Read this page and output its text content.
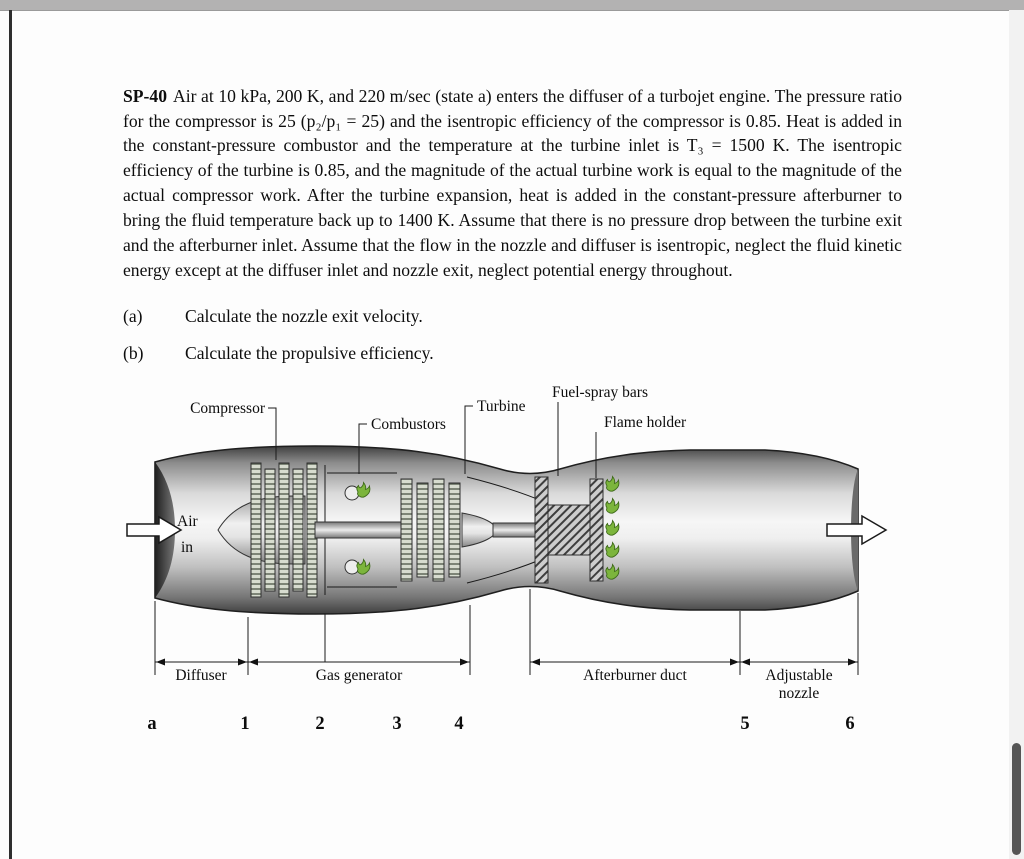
SP-40 Air at 10 kPa, 200 K, and 220 m/sec (state a) enters the diffuser of a turbojet engine. The pressure ratio for the compressor is 25 (p₂/p₁ = 25) and the isentropic efficiency of the compressor is 0.85. Heat is added in the constant-pressure combustor and the temperature at the turbine inlet is T₃ = 1500 K. The isentropic efficiency of the turbine is 0.85, and the magnitude of the actual turbine work is equal to the magnitude of the actual compressor work. After the turbine expansion, heat is added in the constant-pressure afterburner to bring the fluid temperature back up to 1400 K. Assume that there is no pressure drop between the turbine exit and the afterburner inlet. Assume that the flow in the nozzle and diffuser is isentropic, neglect the fluid kinetic energy except at the diffuser inlet and nozzle exit, neglect potential energy throughout.

(a)	Calculate the nozzle exit velocity.
(b)	Calculate the propulsive efficiency.
Compressor
Combustors
Turbine
Fuel-spray bars
Flame holder
Air
in
Diffuser	Gas generator	Afterburner duct	Adjustable
nozzle
a	1	2	3	4	5	6
